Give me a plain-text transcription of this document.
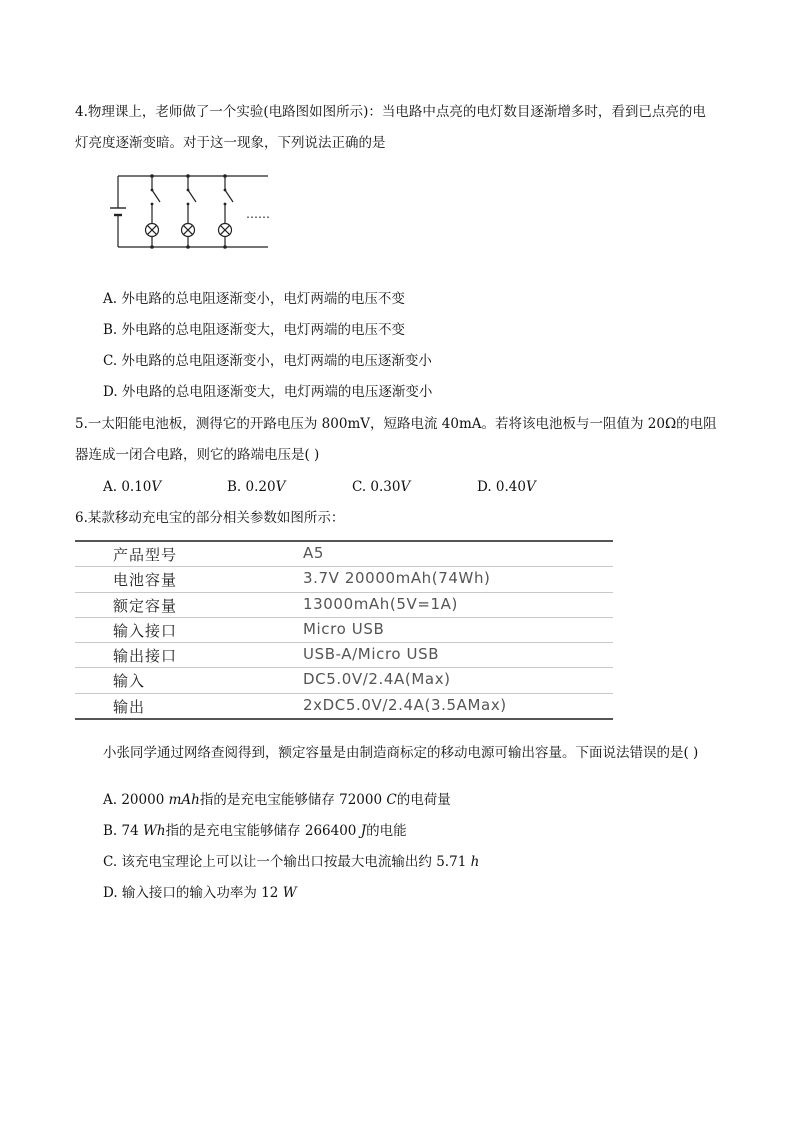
4.物理课上，老师做了一个实验(电路图如图所示)：当电路中点亮的电灯数目逐渐增多时，看到已点亮的电
灯亮度逐渐变暗。对于这一现象，下列说法正确的是
……
A. 外电路的总电阻逐渐变小，电灯两端的电压不变
B. 外电路的总电阻逐渐变大，电灯两端的电压不变
C. 外电路的总电阻逐渐变小，电灯两端的电压逐渐变小
D. 外电路的总电阻逐渐变大，电灯两端的电压逐渐变小
5.一太阳能电池板，测得它的开路电压为 800mV，短路电流 40mA。若将该电池板与一阻值为 20Ω的电阻
器连成一闭合电路，则它的路端电压是( )
A. 0.10V	B. 0.20V	C. 0.30V	D. 0.40V
6.某款移动充电宝的部分相关参数如图所示：
产品型号	A5
电池容量	3.7V 20000mAh(74Wh)
额定容量	13000mAh(5V=1A)
输入接口	Micro USB
输出接口	USB-A/Micro USB
输入	DC5.0V/2.4A(Max)
输出	2xDC5.0V/2.4A(3.5AMax)
小张同学通过网络查阅得到，额定容量是由制造商标定的移动电源可输出容量。下面说法错误的是( )
A. 20000 mAh指的是充电宝能够储存 72000 C的电荷量
B. 74 Wh指的是充电宝能够储存 266400 J的电能
C. 该充电宝理论上可以让一个输出口按最大电流输出约 5.71 h
D. 输入接口的输入功率为 12 W
